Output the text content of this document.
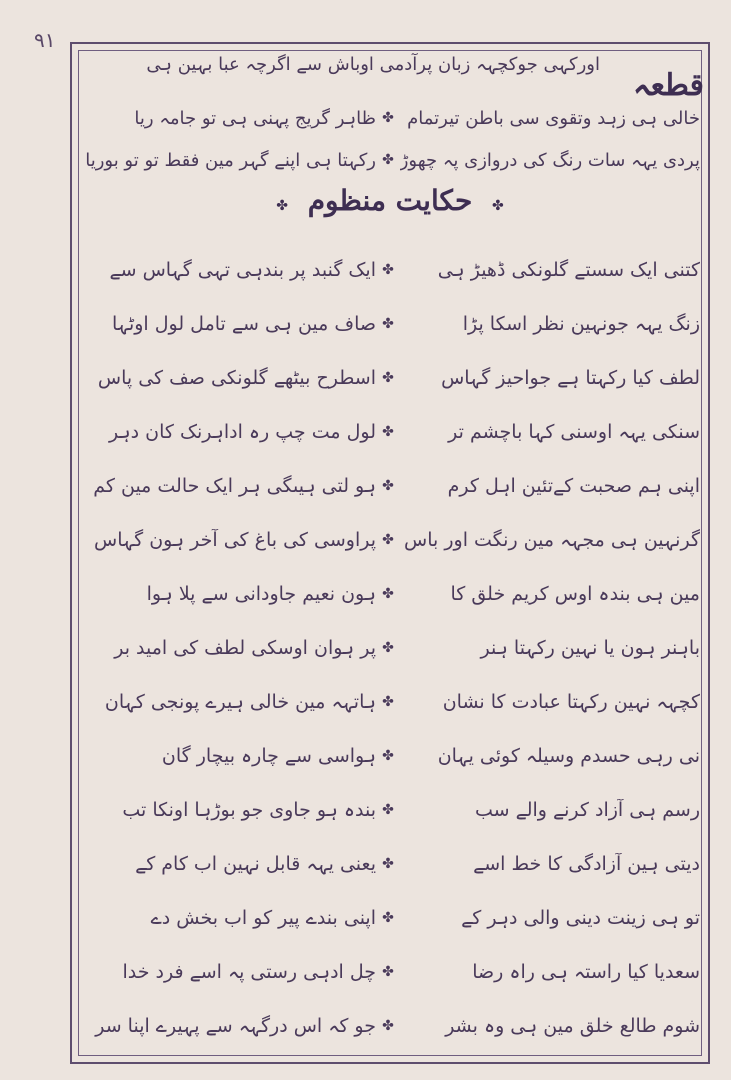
۹۱
اورکہی جوکچہہ زبان پرآدمی اوباش سے اگرچہ عبا بہین ہی
قطعہ
خالی ہی زہد وتقوی سی باطن تیرتمام
✤
ظاہر گریج پہنی ہی تو جامہ ریا
پردی یہہ سات رنگ کی دروازی پہ چھوڑ
✤
رکہتا ہی اپنے گہر مین فقط تو تو بوریا
✤ حکایت منظوم ✤
کتنی ایک سستے گلونکی ڈھیڑ ہی
✤
ایک گنبد پر بندہی تہی گہاس سے
زنگ یہہ جونہین نظر اسکا پڑا
✤
صاف مین ہی سے تامل لول اوٹہا
لطف کیا رکہتا ہے جواحیز گہاس
✤
اسطرح بیٹھے گلونکی صف کی پاس
سنکی یہہ اوسنی کہا باچشم تر
✤
لول مت چپ رہ اداہرنک کان دہر
اپنی ہم صحبت کےتئین اہل کرم
✤
ہو لتی ہیںگی ہر ایک حالت مین کم
گرنہین ہی مجہہ مین رنگت اور باس
✤
پراوسی کی باغ کی آخر ہون گہاس
مین ہی بندہ اوس کریم خلق کا
✤
ہون نعیم جاودانی سے پلا ہوا
باہنر ہون یا نہین رکہتا ہنر
✤
پر ہوان اوسکی لطف کی امید بر
کچہہ نہین رکہتا عبادت کا نشان
✤
ہاتہہ مین خالی ہیرے پونجی کہان
نی رہی حسدم وسیلہ کوئی یہان
✤
ہواسی سے چارہ بیچار گان
رسم ہی آزاد کرنے والے سب
✤
بندہ ہو جاوی جو بوڑہا اونکا تب
دیتی ہین آزادگی کا خط اسے
✤
یعنی یہہ قابل نہین اب کام کے
تو ہی زینت دینی والی دہر کے
✤
اپنی بندے پیر کو اب بخش دے
سعدیا کیا راستہ ہی راہ رضا
✤
چل ادہی رستی پہ اسے فرد خدا
شوم طالع خلق مین ہی وہ بشر
✤
جو کہ اس درگہہ سے پہیرے اپنا سر
